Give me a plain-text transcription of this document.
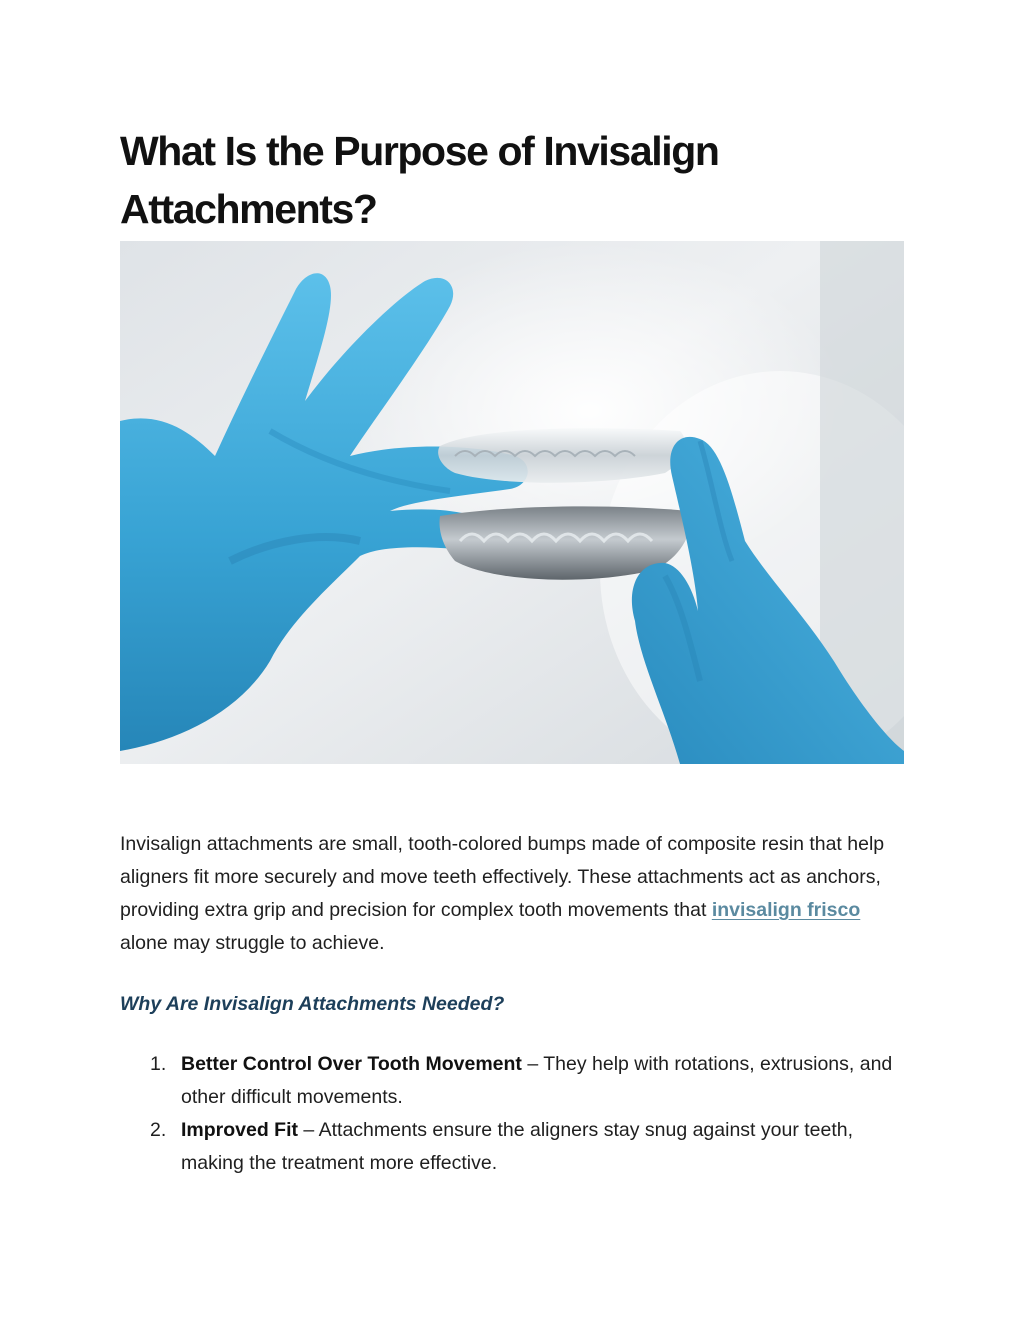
What Is the Purpose of Invisalign Attachments?

Invisalign attachments are small, tooth-colored bumps made of composite resin that help aligners fit more securely and move teeth effectively. These attachments act as anchors, providing extra grip and precision for complex tooth movements that invisalign frisco alone may struggle to achieve.

Why Are Invisalign Attachments Needed?
1. Better Control Over Tooth Movement – They help with rotations, extrusions, and other difficult movements.
2. Improved Fit – Attachments ensure the aligners stay snug against your teeth, making the treatment more effective.
